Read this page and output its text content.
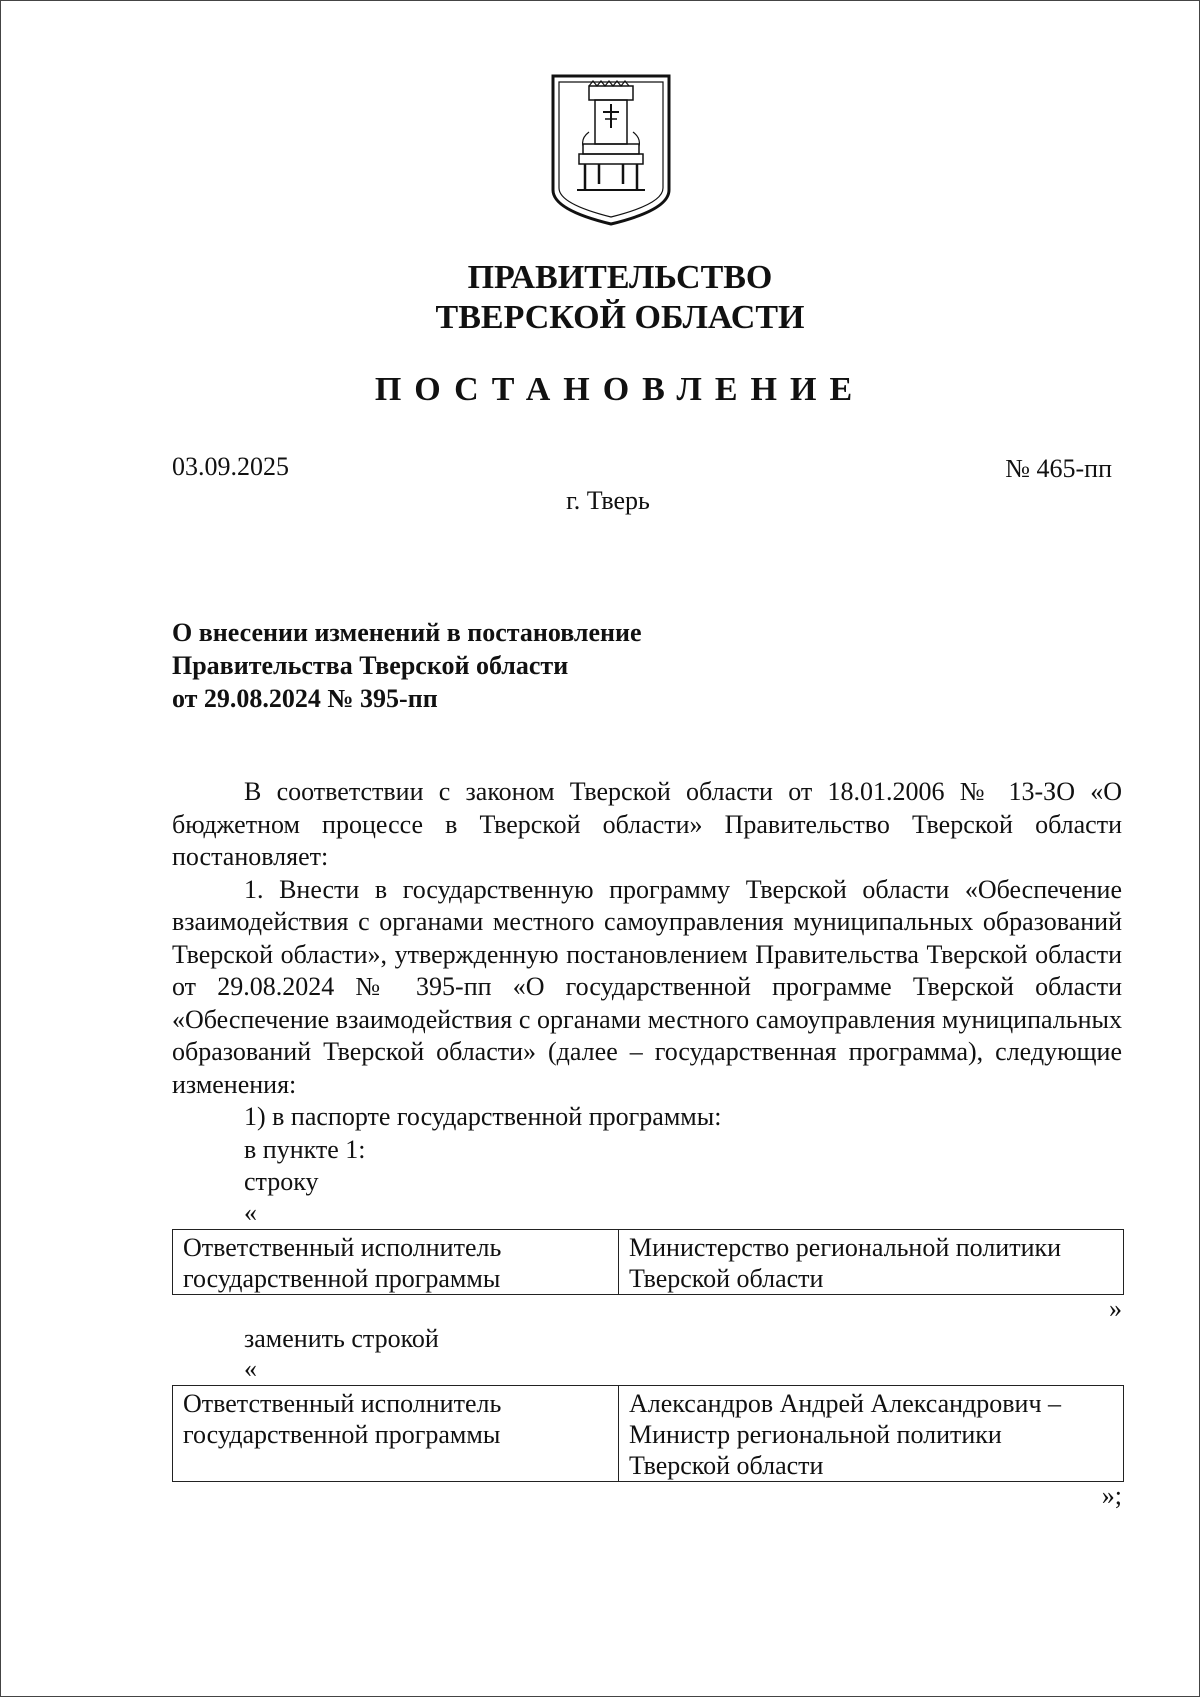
ПРАВИТЕЛЬСТВО
ТВЕРСКОЙ ОБЛАСТИ
ПОСТАНОВЛЕНИЕ
03.09.2025	№ 465-пп
г. Тверь
О внесении изменений в постановление
Правительства Тверской области
от 29.08.2024 № 395-пп

В соответствии с законом Тверской области от 18.01.2006 № 13-ЗО «О бюджетном процессе в Тверской области» Правительство Тверской области постановляет:

1. Внести в государственную программу Тверской области «Обеспечение взаимодействия с органами местного самоуправления муниципальных образований Тверской области», утвержденную постановлением Правительства Тверской области от 29.08.2024 № 395-пп «О государственной программе Тверской области «Обеспечение взаимодействия с органами местного самоуправления муниципальных образований Тверской области» (далее – государственная программа), следующие изменения:

1) в паспорте государственной программы:

в пункте 1:

строку

«

Ответственный исполнитель
государственной программы

Министерство региональной политики
Тверской области

»

заменить строкой

«

Ответственный исполнитель
государственной программы

Александров Андрей Александрович –
Министр региональной политики
Тверской области

»;
